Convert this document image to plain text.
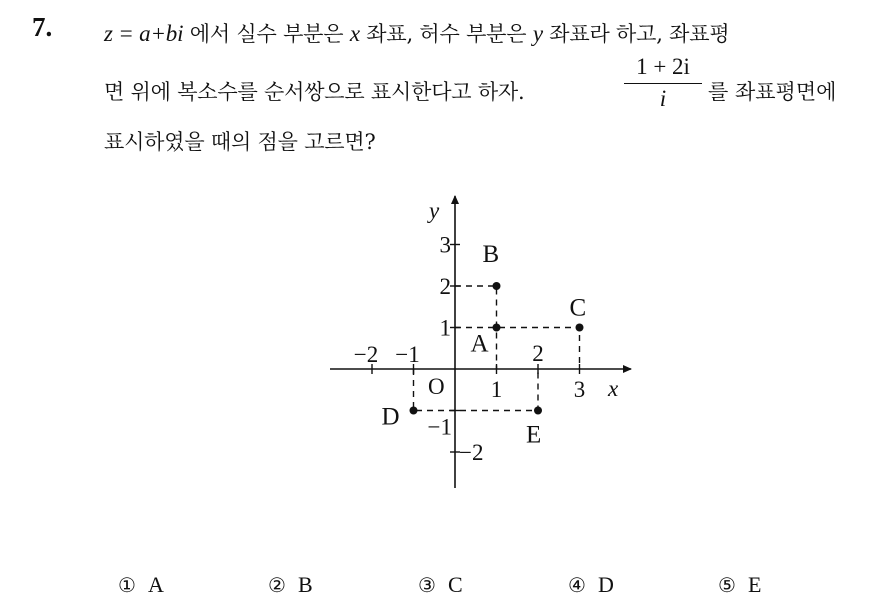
7. z = a+bi 에서 실수 부분은 x 좌표, 허수 부분은 y 좌표라 하고, 좌표평
면 위에 복소수를 순서쌍으로 표시한다고 하자.
1 + 2i
i	를 좌표평면에
표시하였을 때의 점을 고르면?
x
y
O
−2 −1
1
2
3
3
2
1
−1
−2
A
B
C
D
E
① A	② B	③ C	④ D	⑤ E
